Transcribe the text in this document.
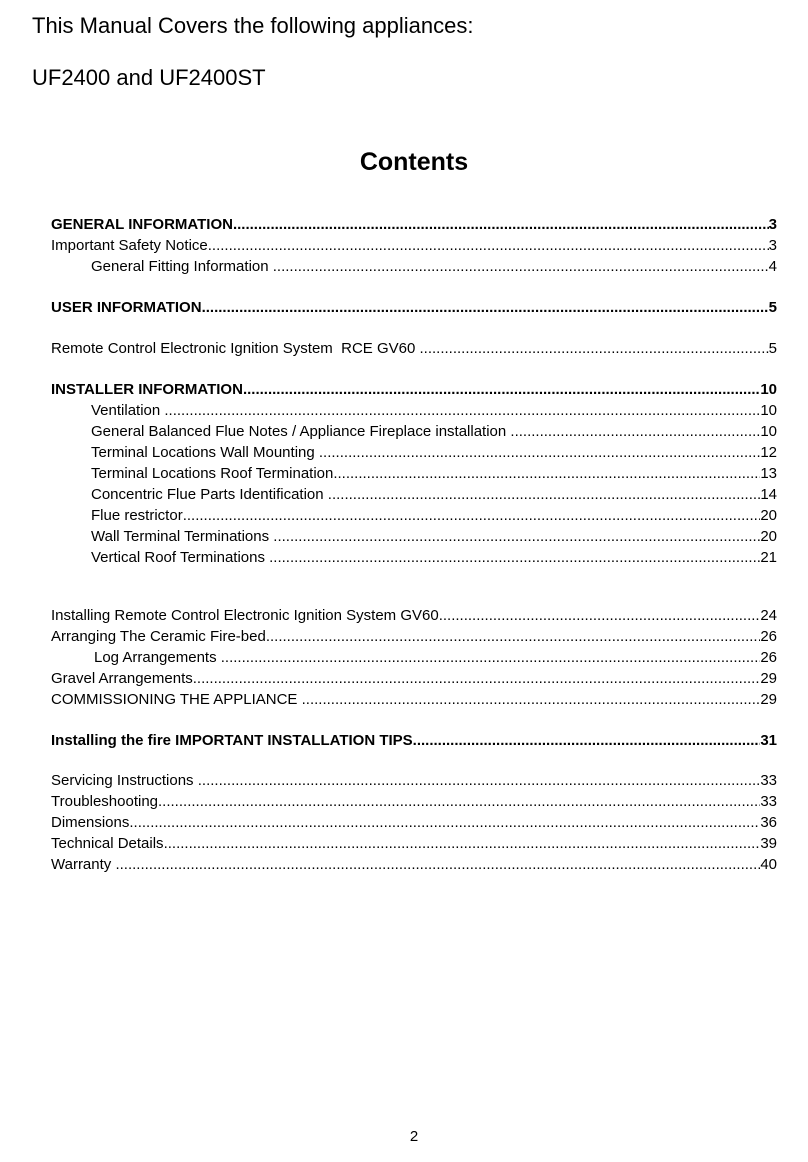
This Manual Covers the following appliances:
UF2400 and UF2400ST
Contents
GENERAL INFORMATION .....	3
Important Safety Notice .....	3
General Fitting Information .....	4
USER INFORMATION .....	5
Remote Control Electronic Ignition System  RCE GV60 .....	5
INSTALLER INFORMATION .....	10
Ventilation .....	10
General Balanced Flue Notes / Appliance Fireplace installation .....	10
Terminal Locations Wall Mounting .....	12
Terminal Locations Roof Termination .....	13
Concentric Flue Parts Identification .....	14
Flue restrictor .....	20
Wall Terminal Terminations .....	20
Vertical Roof Terminations .....	21
Installing Remote Control Electronic Ignition System GV60 .....	24
Arranging The Ceramic Fire-bed .....	26
Log Arrangements .....	26
Gravel Arrangements .....	29
COMMISSIONING THE APPLIANCE .....	29
Installing the fire IMPORTANT INSTALLATION TIPS .....	31
Servicing Instructions .....	33
Troubleshooting .....	33
Dimensions .....	36
Technical Details .....	39
Warranty .....	40

2
